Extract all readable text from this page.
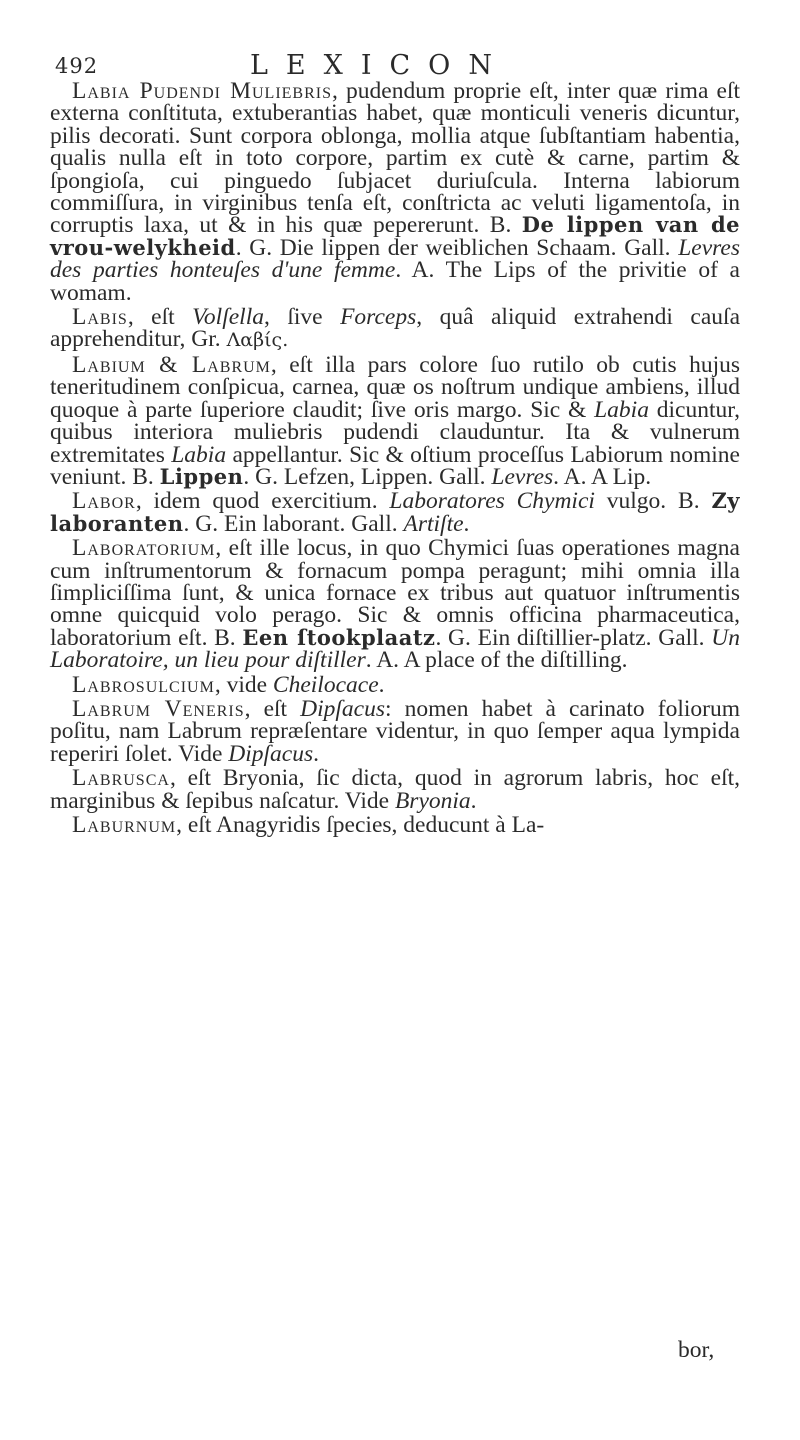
492	LEXICON

Labia Pudendi Muliebris, pudendum proprie eſt, inter quæ rima eſt externa conſtituta, extuberantias habet, quæ monticuli veneris dicuntur, pilis decorati. Sunt corpora oblonga, mollia atque ſubſtantiam habentia, qualis nulla eſt in toto corpore, partim ex cutè & carne, partim & ſpongioſa, cui pinguedo ſubjacet duriuſcula. Interna labiorum commiſſura, in virginibus tenſa eſt, conſtricta ac veluti ligamentoſa, in corruptis laxa, ut & in his quæ pepererunt. B. De lippen van de vrou-welykheid. G. Die lippen der weiblichen Schaam. Gall. Levres des parties honteuſes d'une femme. A. The Lips of the privitie of a womam.

Labis, eſt Volſella, ſive Forceps, quâ aliquid extrahendi cauſa apprehenditur, Gr. Λαβίς.

Labium & Labrum, eſt illa pars colore ſuo rutilo ob cutis hujus teneritudinem conſpicua, carnea, quæ os noſtrum undique ambiens, illud quoque à parte ſuperiore claudit; ſive oris margo. Sic & Labia dicuntur, quibus interiora muliebris pudendi clauduntur. Ita & vulnerum extremitates Labia appellantur. Sic & oſtium proceſſus Labiorum nomine veniunt. B. Lippen. G. Lefzen, Lippen. Gall. Levres. A. A Lip.

Labor, idem quod exercitium. Laboratores Chymici vulgo. B. Zy laboranten. G. Ein laborant. Gall. Artiſte.

Laboratorium, eſt ille locus, in quo Chymici ſuas operationes magna cum inſtrumentorum & fornacum pompa peragunt; mihi omnia illa ſimpliciſſima ſunt, & unica fornace ex tribus aut quatuor inſtrumentis omne quicquid volo perago. Sic & omnis officina pharmaceutica, laboratorium eſt. B. Een ſtookplaatz. G. Ein diſtillier-platz. Gall. Un Laboratoire, un lieu pour diſtiller. A. A place of the diſtilling.

Labrosulcium, vide Cheilocace.

Labrum Veneris, eſt Dipſacus: nomen habet à carinato foliorum poſitu, nam Labrum repræſentare videntur, in quo ſemper aqua lympida reperiri ſolet. Vide Dipſacus.

Labrusca, eſt Bryonia, ſic dicta, quod in agrorum labris, hoc eſt, marginibus & ſepibus naſcatur. Vide Bryonia.

Laburnum, eſt Anagyridis ſpecies, deducunt à La-

bor,
